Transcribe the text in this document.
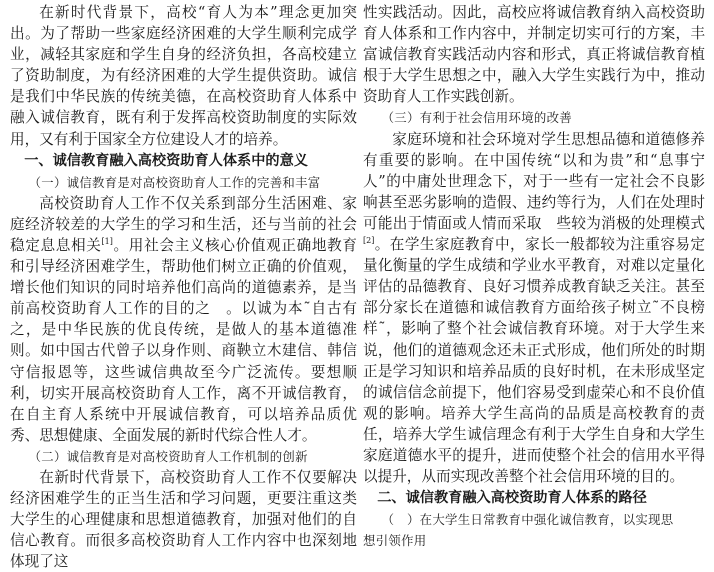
在新时代背景下，高校“育人为本”理念更加突出。为了帮助一些家庭经济困难的大学生顺利完成学业，减轻其家庭和学生自身的经济负担，各高校建立了资助制度，为有经济困难的大学生提供资助。诚信是我们中华民族的传统美德，在高校资助育人体系中融入诚信教育，既有利于发挥高校资助制度的实际效用，又有利于国家全方位建设人才的培养。

一、诚信教育融入高校资助育人体系中的意义

（一）诚信教育是对高校资助育人工作的完善和丰富

高校资助育人工作不仅关系到部分生活困难、家庭经济较差的大学生的学习和生活，还与当前的社会稳定息息相关[1]。用社会主义核心价值观正确地教育和引导经济困难学生，帮助他们树立正确的价值观，增长他们知识的同时培养他们高尚的道德素养，是当前高校资助育人工作的目的之　。以诚为本˜自古有之，是中华民族的优良传统，是做人的基本道德准则。如中国古代曾子以身作则、商鞅立木建信、韩信守信报恩等，这些诚信典故至今广泛流传。要想顺利，切实开展高校资助育人工作，离不开诚信教育，在自主育人系统中开展诚信教育，可以培养品质优秀、思想健康、全面发展的新时代综合性人才。

（二）诚信教育是对高校资助育人工作机制的创新

在新时代背景下，高校资助育人工作不仅要解决经济困难学生的正当生活和学习问题，更要注重这类大学生的心理健康和思想道德教育，加强对他们的自信心教育。而很多高校资助育人工作内容中也深刻地体现了这

性实践活动。因此，高校应将诚信教育纳入高校资助育人体系和工作内容中，并制定切实可行的方案，丰富诚信教育实践活动内容和形式，真正将诚信教育植根于大学生思想之中，融入大学生实践行为中，推动资助育人工作实践创新。

（三）有利于社会信用环境的改善

家庭环境和社会环境对学生思想品德和道德修养有重要的影响。在中国传统“以和为贵”和“息事宁人”的中庸处世理念下，对于一些有一定社会不良影响甚至恶劣影响的造假、违约等行为，人们在处理时可能出于情面或人情而采取　些较为消极的处理模式[2]。在学生家庭教育中，家长一般都较为注重容易定量化衡量的学生成绩和学业水平教育，对难以定量化评估的品德教育、良好习惯养成教育缺乏关注。甚至部分家长在道德和诚信教育方面给孩子树立˜不良榜样˜，影响了整个社会诚信教育环境。对于大学生来说，他们的道德观念还未正式形成，他们所处的时期正是学习知识和培养品质的良好时机，在未形成坚定的诚信信念前提下，他们容易受到虚荣心和不良价值观的影响。培养大学生高尚的品质是高校教育的责任，培养大学生诚信理念有利于大学生自身和大学生家庭道德水平的提升，进而使整个社会的信用水平得以提升，从而实现改善整个社会信用环境的目的。

二、诚信教育融入高校资助育人体系的路径

（　）在大学生日常教育中强化诚信教育，以实现思

想引领作用
